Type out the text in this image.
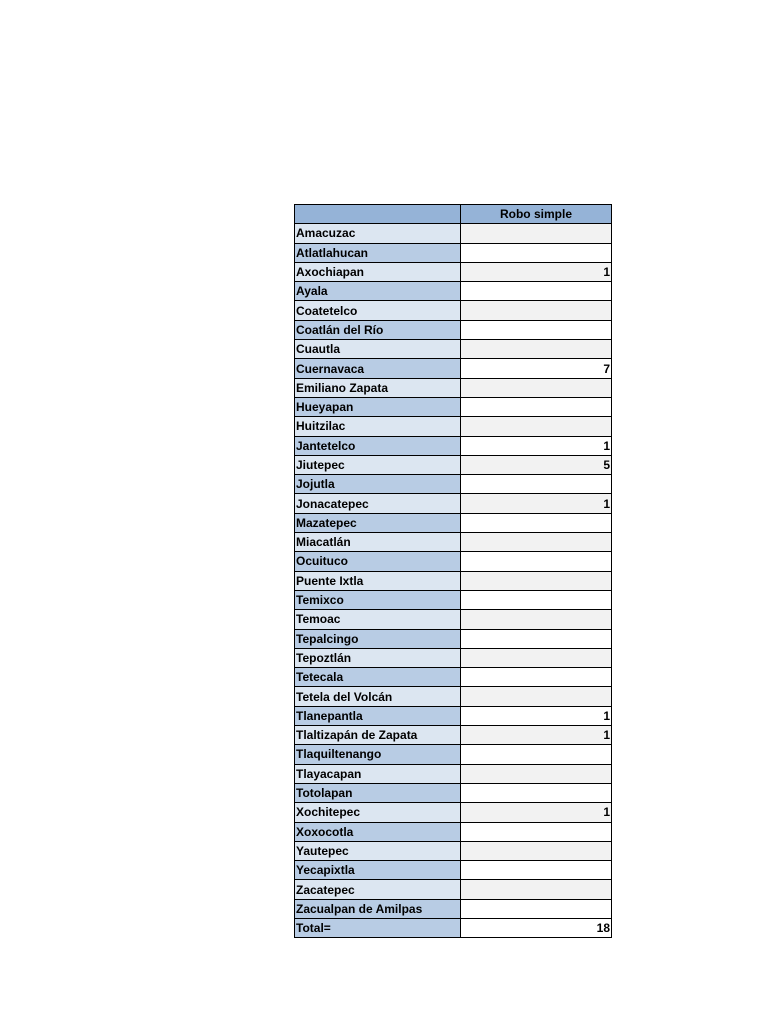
	Robo simple
Amacuzac	
Atlatlahucan	
Axochiapan	1
Ayala	
Coatetelco	
Coatlán del Río	
Cuautla	
Cuernavaca	7
Emiliano Zapata	
Hueyapan	
Huitzilac	
Jantetelco	1
Jiutepec	5
Jojutla	
Jonacatepec	1
Mazatepec	
Miacatlán	
Ocuituco	
Puente Ixtla	
Temixco	
Temoac	
Tepalcingo	
Tepoztlán	
Tetecala	
Tetela del Volcán	
Tlanepantla	1
Tlaltizapán de Zapata	1
Tlaquiltenango	
Tlayacapan	
Totolapan	
Xochitepec	1
Xoxocotla	
Yautepec	
Yecapixtla	
Zacatepec	
Zacualpan de Amilpas	
Total=	18
